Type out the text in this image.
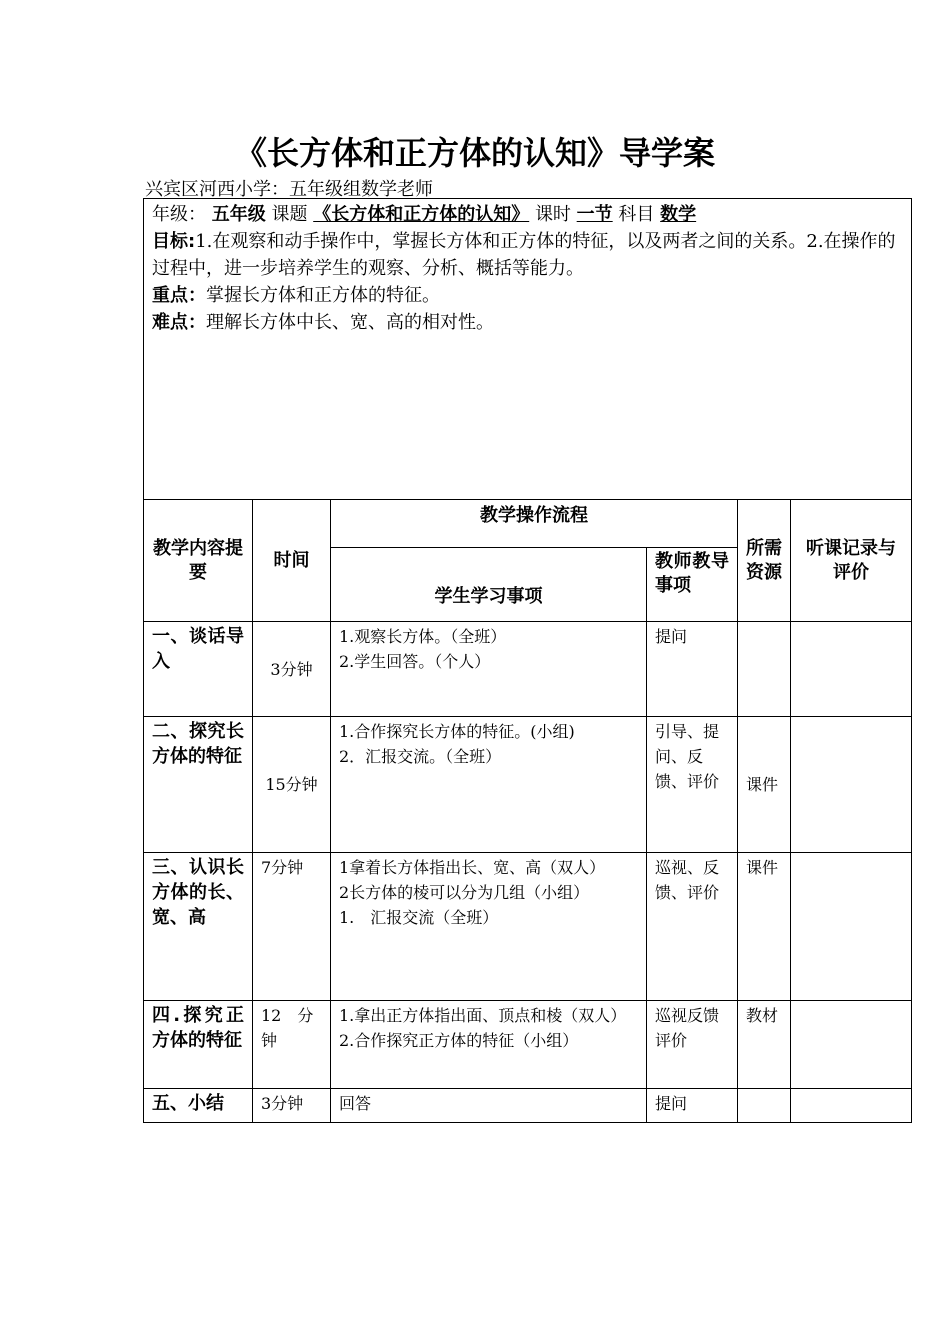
《长方体和正方体的认知》导学案
兴宾区河西小学：五年级组数学老师
年级： 五年级 课题 《长方体和正方体的认知》 课时 一节 科目 数学
目标:1.在观察和动手操作中，掌握长方体和正方体的特征，以及两者之间的关系。2.在操作的过程中，进一步培养学生的观察、分析、概括等能力。
重点：掌握长方体和正方体的特征。
难点：理解长方体中长、宽、高的相对性。					

教学内容提要	时间	教学操作流程		所需资源	听课记录与评价
		学生学习事项	教师教导事项		
一、谈话导入	3分钟	1.观察长方体。（全班）
2.学生回答。（个人）	提问		
二、探究长方体的特征	15分钟	1.合作探究长方体的特征。(小组)
2．汇报交流。（全班）	引导、提问、反馈、评价	课件	
三、认识长方体的长、宽、高	7分钟	1拿着长方体指出长、宽、高（双人）
2长方体的棱可以分为几组（小组）
1.　汇报交流（全班）	巡视、反馈、评价	课件	
四.探究正方体的特征	12　分钟	1.拿出正方体指出面、顶点和棱（双人）
2.合作探究正方体的特征（小组）	巡视反馈评价	教材	
五、小结	3分钟	回答	提问		
